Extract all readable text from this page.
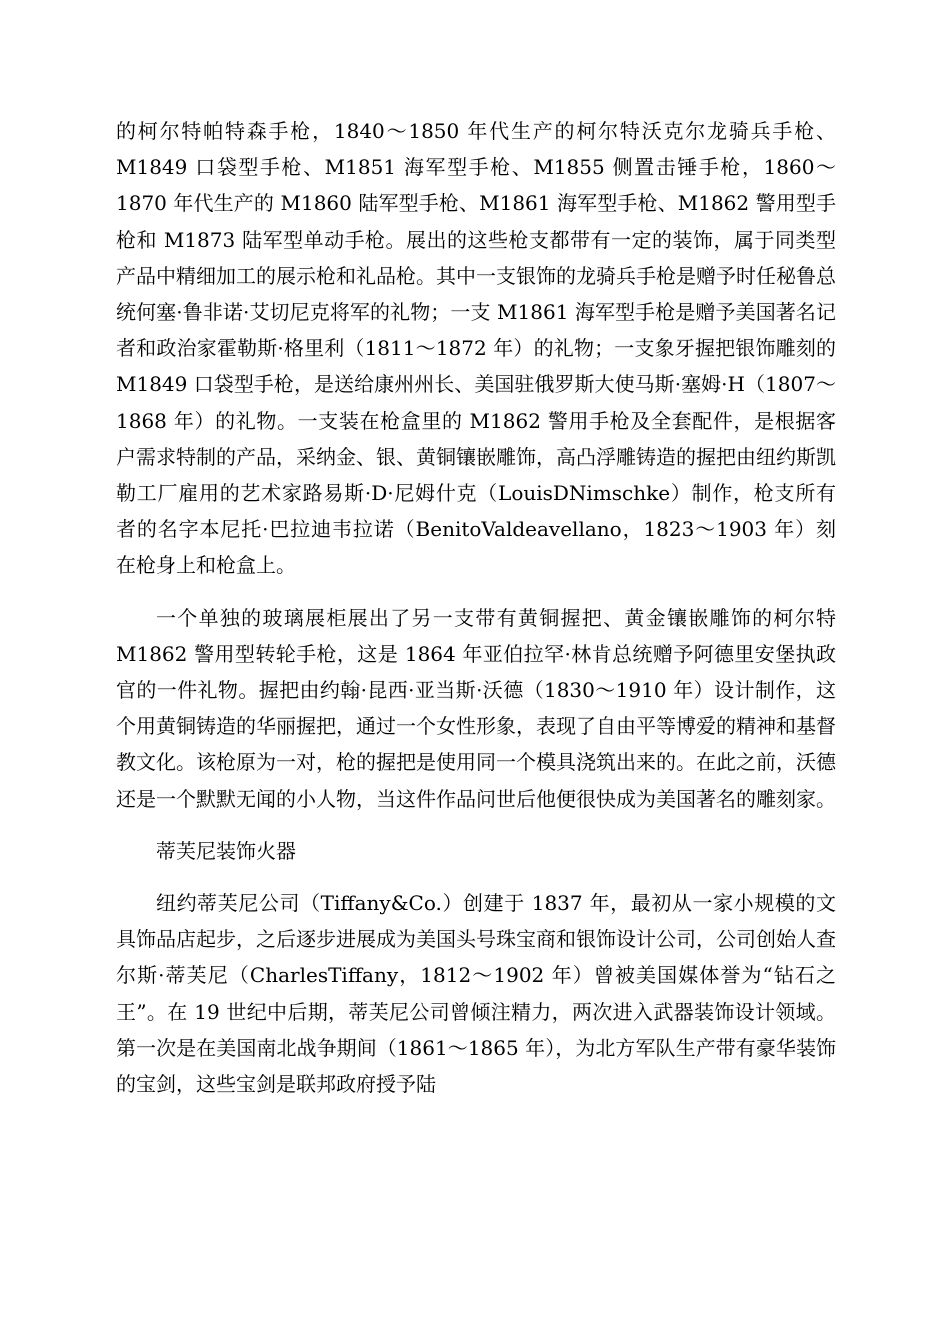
的柯尔特帕特森手枪，1840～1850 年代生产的柯尔特沃克尔龙骑兵手枪、M1849 口袋型手枪、M1851 海军型手枪、M1855 侧置击锤手枪，1860～1870 年代生产的 M1860 陆军型手枪、M1861 海军型手枪、M1862 警用型手枪和 M1873 陆军型单动手枪。展出的这些枪支都带有一定的装饰，属于同类型产品中精细加工的展示枪和礼品枪。其中一支银饰的龙骑兵手枪是赠予时任秘鲁总统何塞·鲁非诺·艾切尼克将军的礼物；一支 M1861 海军型手枪是赠予美国著名记者和政治家霍勒斯·格里利（1811～1872 年）的礼物；一支象牙握把银饰雕刻的 M1849 口袋型手枪，是送给康州州长、美国驻俄罗斯大使马斯·塞姆·H（1807～1868 年）的礼物。一支装在枪盒里的 M1862 警用手枪及全套配件，是根据客户需求特制的产品，采纳金、银、黄铜镶嵌雕饰，高凸浮雕铸造的握把由纽约斯凯勒工厂雇用的艺术家路易斯·D·尼姆什克（LouisDNimschke）制作，枪支所有者的名字本尼托·巴拉迪韦拉诺（BenitoValdeavellano，1823～1903 年）刻在枪身上和枪盒上。

一个单独的玻璃展柜展出了另一支带有黄铜握把、黄金镶嵌雕饰的柯尔特 M1862 警用型转轮手枪，这是 1864 年亚伯拉罕·林肯总统赠予阿德里安堡执政官的一件礼物。握把由约翰·昆西·亚当斯·沃德（1830～1910 年）设计制作，这个用黄铜铸造的华丽握把，通过一个女性形象，表现了自由平等博爱的精神和基督教文化。该枪原为一对，枪的握把是使用同一个模具浇筑出来的。在此之前，沃德还是一个默默无闻的小人物，当这件作品问世后他便很快成为美国著名的雕刻家。

蒂芙尼装饰火器

纽约蒂芙尼公司（Tiffany&Co.）创建于 1837 年，最初从一家小规模的文具饰品店起步，之后逐步进展成为美国头号珠宝商和银饰设计公司，公司创始人查尔斯·蒂芙尼（CharlesTiffany，1812～1902 年）曾被美国媒体誉为“钻石之王”。在 19 世纪中后期，蒂芙尼公司曾倾注精力，两次进入武器装饰设计领域。第一次是在美国南北战争期间（1861～1865 年），为北方军队生产带有豪华装饰的宝剑，这些宝剑是联邦政府授予陆
